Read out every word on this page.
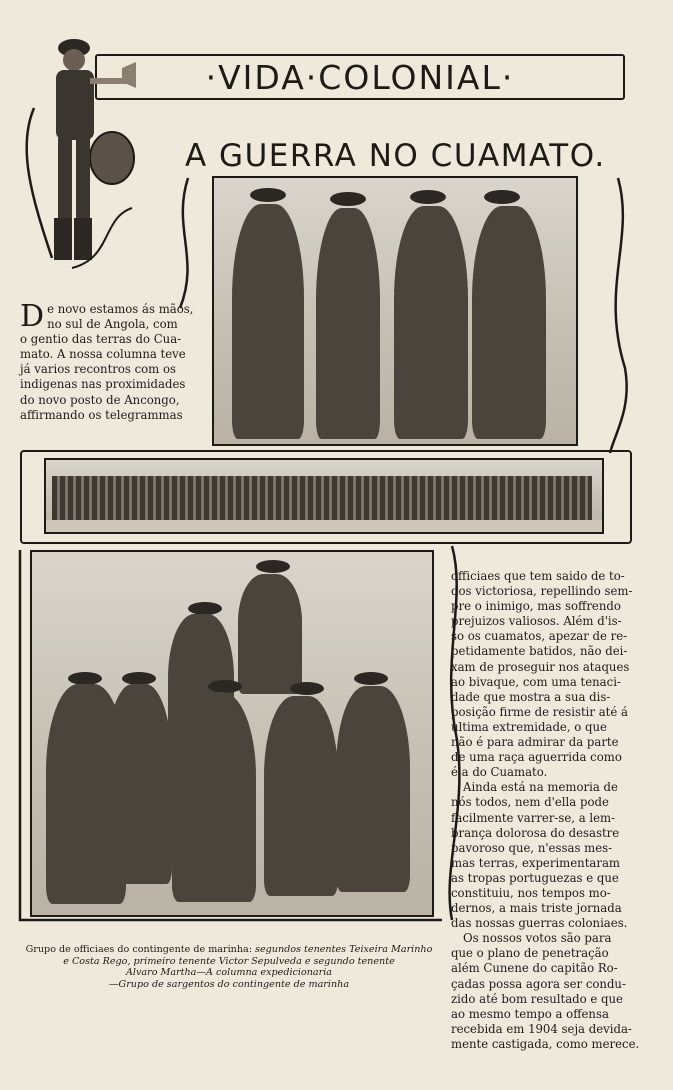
·VIDA·COLONIAL·
A GUERRA NO CUAMATO.
D e novo estamos ás mãos,

no sul de Angola, com

o gentio das terras do Cua-

mato. A nossa columna teve

já varios recontros com os

indigenas nas proximidades

do novo posto de Ancongo,

affirmando os telegrammas

Grupo de officiaes do contingente de marinha: segundos tenentes Teixeira Marinho
e Costa Rego, primeiro tenente Victor Sepulveda e segundo tenente
Alvaro Martha—A columna expedicionaria
—Grupo de sargentos do contingente de marinha

officiaes que tem saido de to-

dos victoriosa, repellindo sem-

pre o inimigo, mas soffrendo

prejuizos valiosos. Além d'is-

so os cuamatos, apezar de re-

petidamente batidos, não dei-

xam de proseguir nos ataques

ao bivaque, com uma tenaci-

dade que mostra a sua dis-

posição firme de resistir até á

ultima extremidade, o que

não é para admirar da parte

de uma raça aguerrida como

é a do Cuamato.

Ainda está na memoria de

nós todos, nem d'ella pode

facilmente varrer-se, a lem-

brança dolorosa do desastre

pavoroso que, n'essas mes-

mas terras, experimentaram

as tropas portuguezas e que

constituiu, nos tempos mo-

dernos, a mais triste jornada

das nossas guerras coloniaes.

Os nossos votos são para

que o plano de penetração

além Cunene do capitão Ro-

çadas possa agora ser condu-

zido até bom resultado e que

ao mesmo tempo a offensa

recebida em 1904 seja devida-

mente castigada, como merece.
